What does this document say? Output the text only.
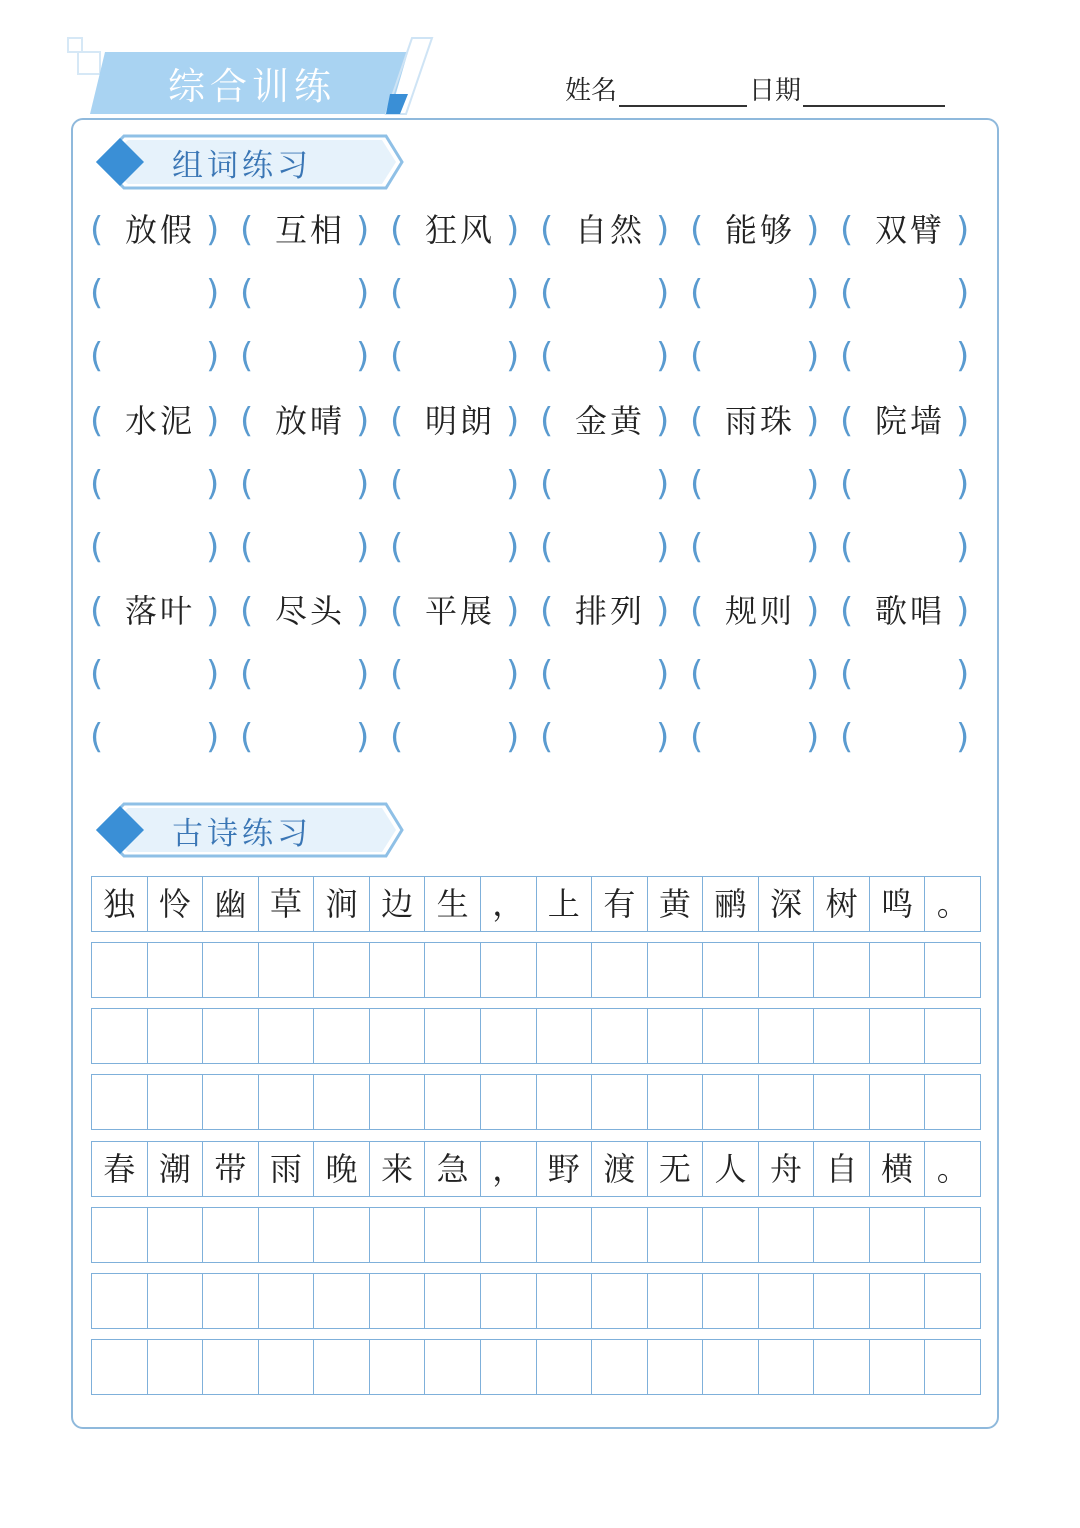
综合训练	姓名	日期
组词练习
( 放假 ) ( 互相 ) ( 狂风 ) ( 自然 ) ( 能够 ) ( 双臂 )
(	) (	) (	) (	) (	) (	)
(	) (	) (	) (	) (	) (	)
( 水泥 ) ( 放晴 ) ( 明朗 ) ( 金黄 ) ( 雨珠 ) ( 院墙 )
(	) (	) (	) (	) (	) (	)
(	) (	) (	) (	) (	) (	)
( 落叶 ) ( 尽头 ) ( 平展 ) ( 排列 ) ( 规则 ) ( 歌唱 )
(	) (	) (	) (	) (	) (	)
(	) (	) (	) (	) (	) (	)
古诗练习
独 怜 幽 草 涧 边 生 ， 上 有 黄 鹂 深 树 鸣 。
春 潮 带 雨 晚 来 急 ， 野 渡 无 人 舟 自 横 。
